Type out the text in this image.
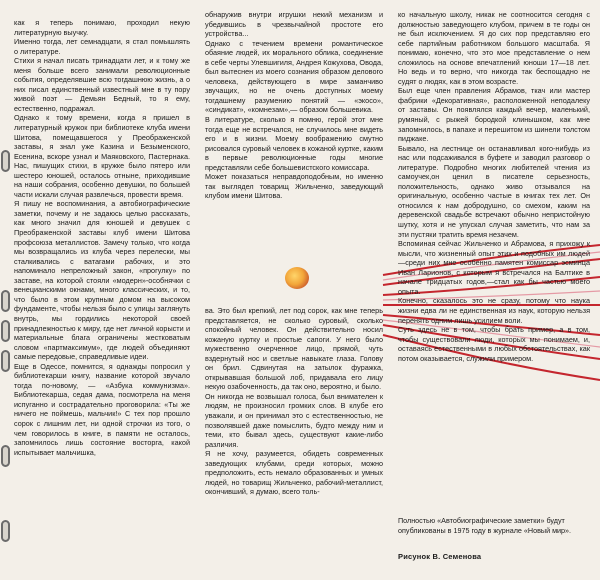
как я теперь понимаю, проходил некую литературную выучку.
Именно тогда, лет семнадцати, я стал помышлять о литературе.
Стихи я начал писать тринадцати лет, и к тому же меня больше всего занимали революционные события, определявшие всю тогдашнюю жизнь, а о них писал единственный известный мне в ту пору живой поэт — Демьян Бедный, то я ему, естественно, подражал.
Однако к тому времени, когда я пришел в литературный кружок при библиотеке клуба имени Шитова, помещавшегося у Преображенской заставы, я знал уже Казина и Безыменского, Есенина, вскоре узнал и Маяковского, Пастернака. Нас, пишущих стихи, в кружке было пятеро или шестеро юношей, осталось отныне, приходившие на наши собрания, особенно девушки, по большей части искали случая развлечься, провести время.
Я пишу не воспоминания, а автобиографические заметки, почему и не задаюсь целью рассказать, как много значил для юношей и девушек с Преображенской заставы клуб имени Шитова профсоюза металлистов. Замечу только, что когда мы возвращались из клуба через перелески, мы сталкивались с ватагами рабочих, и это напоминало непреложный закон, «прогулку» по заставе, на которой стояли «модерн»-особнячки с венецианскими окнами, много классических, и то, что было в этом крупным домом на высоком фундаменте, чтобы нельзя было с улицы заглянуть внутрь, мы гордились некоторой своей принадлежностью к миру, где нет личной корысти и материальные блага ограничены жестковатым словом «партмаксимум», где людей объединяют самые передовые, справедливые идеи.
Еще в Одессе, помнится, я однажды попросил у библиотекарши книгу, название которой звучало тогда по-новому, — «Азбука коммунизма». Библиотекарша, седая дама, посмотрела на меня испуганно и сострадательно проговорила: «Ты же ничего не поймешь, мальчик!» С тех пор прошло сорок с лишним лет, ни одной строчки из того, о чем говорилось в книге, в памяти не осталось, запомнилось лишь состояние восторга, какой испытывает мальчишка,
обнаружив внутри игрушки некий механизм и убедившись в чрезвычайной простоте его устройства...
Однако с течением времени романтическое обаяние людей, их морального облика, соединение в себе черты Улевшигиля, Андрея Кожухова, Овода, был вытеснен из моего сознания образом делового человека, действующего в мире заманчиво звучащих, но не очень доступных моему тогдашнему разумению понятий — «экосо», «синдикат», «комнезам»,— образом большевика.
В литературе, сколько я помню, герой этот мне тогда еще не встречался, не случилось мне видеть его и в жизни. Моему воображению смутно рисовался суровый человек в кожаной куртке, каким в первые революционные годы многие представляли себе большевистского комиссара.
Может показаться неправдоподобным, но именно так выглядел товарищ Жильченко, заведующий клубом имени Шитова.
ва. Это был крепкий, лет под сорок, как мне теперь представляется, не сколько суровый, сколько спокойный человек. Он действительно носил кожаную куртку и простые сапоги. У него было мужественно очерченное лицо, прямой, чуть вздернутый нос и светлые навыкате глаза. Голову он брил. Сдвинутая на затылок фуражка, открывавшая большой лоб, придавала его лицу некую озабоченность, да так оно, вероятно, и было.
Он никогда не возвышал голоса, был внимателен к людям, не произносил громких слов. В клубе его уважали, и он принимал это с естественностью, не позволявшей даже помыслить, будто между ним и теми, кто бывал здесь, существуют какие-либо различия.
Я не хочу, разумеется, обидеть современных заведующих клубами, среди которых, можно предположить, есть немало образованных и умных людей, но товарищ Жильченко, рабочий-металлист, окончивший, я думаю, всего толь-
ко начальную школу, никак не соотносится сегодня с должностью заведующего клубом, причем в те годы он не был исключением. Я до сих пор представляю его себе партийным работником большого масштаба. Я понимаю, конечно, что это мое представление о нем сложилось на основе впечатлений юноши 17—18 лет. Но ведь и то верно, что никогда так беспощадно не судят о людях, как в этом возрасте.
Был еще член правления Абрамов, ткач или мастер фабрики «Декоративная», расположенной неподалеку от заставы. Он появлялся каждый вечер, маленький, румяный, с рыжей бородкой клинышком, как мне запомнилось, в папахе и перешитом из шинели толстом пиджаке.
Бывало, на лестнице он останавливал кого-нибудь из нас или подсаживался в буфете и заводил разговор о литературе. Подробно многих любителей чтения из самоучек,он ценил в писателе серьезность, положительность, однако живо отзывался на оригинальную, особенно частые в книгах тех лет. Он относился к нам добродушно, со смехом, каким на деревенской свадьбе встречают обычно непристойную шутку, хотя и не упускал случая заметить, что нам за эти пустяки тратить время незачем.
Вспоминая сейчас Жильченко и Абрамова, я прихожу к мысли, что жизненный опыт этих и подобных им людей—среди них мне особенно памятен комиссар эсминца Иван Ларионов, с которым я встречался на Балтике в начале тридцатых годов,—стал как бы частью моего опыта.
Конечно, сказалось это не сразу, потому что наука жизни едва ли не единственная из наук, которую нельзя перенять одним лишь усилием воли.
Суть здесь не в том, чтобы брать пример, а в том, чтобы существовали люди, которых мы понимаем, и, оставаясь естественными в любых обстоятельствах, как потом оказывается, служили примером.
Полностью «Автобиографические заметки» будут опубликованы в 1975 году в журнале «Новый мир».
Рисунок В. Семенова
